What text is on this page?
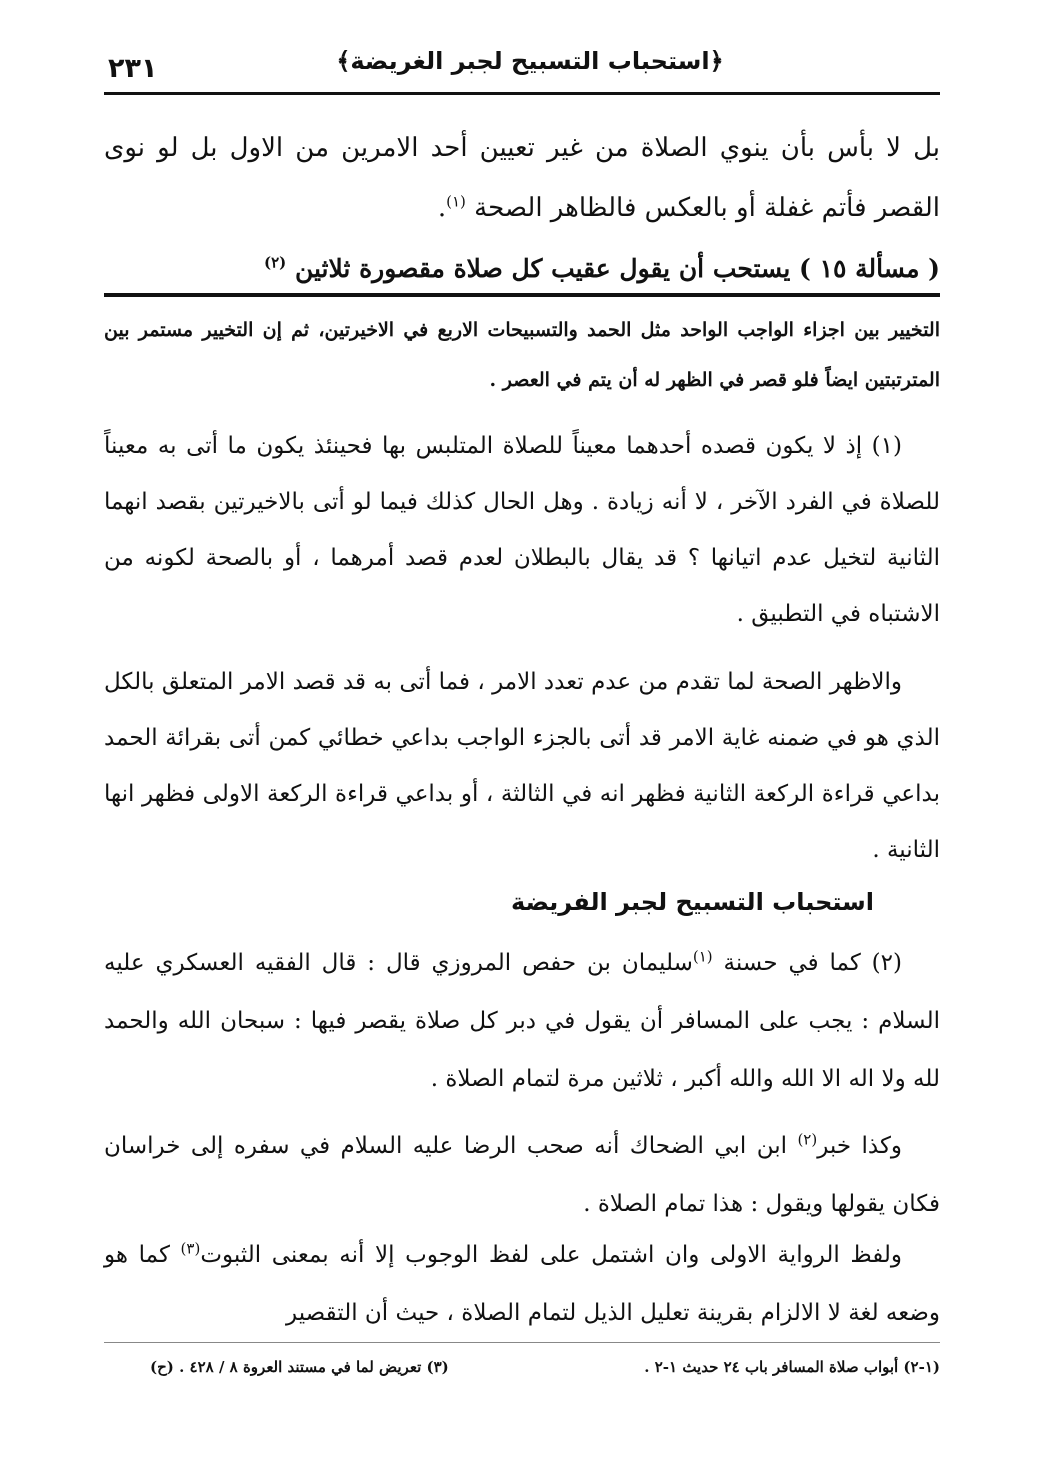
﴿استحباب التسبيح لجبر الغريضة﴾
٢٣١
بل لا بأس بأن ينوي الصلاة من غير تعيين أحد الامرين من الاول بل لو نوى القصر فأتم غفلة أو بالعكس فالظاهر الصحة $^{(١)}$.
( مسألة ١٥ ) يستحب أن يقول عقيب كل صلاة مقصورة ثلاثين $^{(٢)}$
التخيير بين اجزاء الواجب الواحد مثل الحمد والتسبيحات الاربع في الاخيرتين، ثم إن التخيير مستمر بين المترتبتين ايضاً فلو قصر في الظهر له أن يتم في العصر .
(١) إذ لا يكون قصده أحدهما معيناً للصلاة المتلبس بها فحينئذ يكون ما أتى به معيناً للصلاة في الفرد الآخر ، لا أنه زيادة . وهل الحال كذلك فيما لو أتى بالاخيرتين بقصد انهما الثانية لتخيل عدم اتيانها ؟ قد يقال بالبطلان لعدم قصد أمرهما ، أو بالصحة لكونه من الاشتباه في التطبيق .
والاظهر الصحة لما تقدم من عدم تعدد الامر ، فما أتى به قد قصد الامر المتعلق بالكل الذي هو في ضمنه غاية الامر قد أتى بالجزء الواجب بداعي خطائي كمن أتى بقرائة الحمد بداعي قراءة الركعة الثانية فظهر انه في الثالثة ، أو بداعي قراءة الركعة الاولى فظهر انها الثانية .
استحباب التسبيح لجبر الفريضة
(٢) كما في حسنة $^{(١)}$سليمان بن حفص المروزي قال : قال الفقيه العسكري عليه السلام : يجب على المسافر أن يقول في دبر كل صلاة يقصر فيها : سبحان الله والحمد لله ولا اله الا الله والله أكبر ، ثلاثين مرة لتمام الصلاة .
وكذا خبر$^{(٢)}$ ابن ابي الضحاك أنه صحب الرضا عليه السلام في سفره إلى خراسان فكان يقولها ويقول : هذا تمام الصلاة .
ولفظ الرواية الاولى وان اشتمل على لفظ الوجوب إلا أنه بمعنى الثبوت$^{(٣)}$ كما هو وضعه لغة لا الالزام بقرينة تعليل الذيل لتمام الصلاة ، حيث أن التقصير
(١-٢) أبواب صلاة المسافر باب ٢٤ حديث ١-٢ .
(٣) تعريض لما في مستند العروة ٨ / ٤٢٨ . (ح)
